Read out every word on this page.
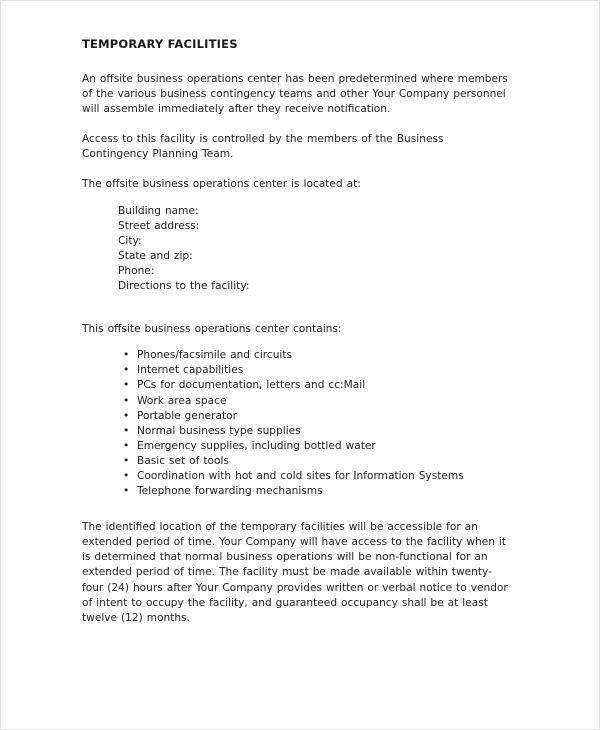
TEMPORARY FACILITIES

An offsite business operations center has been predetermined where members of the various business contingency teams and other Your Company personnel will assemble immediately after they receive notification.

Access to this facility is controlled by the members of the Business Contingency Planning Team.

The offsite business operations center is located at:

Building name:
Street address:
City:
State and zip:
Phone:
Directions to the facility:

This offsite business operations center contains:

• Phones/facsimile and circuits
• Internet capabilities
• PCs for documentation, letters and cc:Mail
• Work area space
• Portable generator
• Normal business type supplies
• Emergency supplies, including bottled water
• Basic set of tools
• Coordination with hot and cold sites for Information Systems
• Telephone forwarding mechanisms

The identified location of the temporary facilities will be accessible for an extended period of time. Your Company will have access to the facility when it is determined that normal business operations will be non-functional for an extended period of time. The facility must be made available within twenty-four (24) hours after Your Company provides written or verbal notice to vendor of intent to occupy the facility, and guaranteed occupancy shall be at least twelve (12) months.
